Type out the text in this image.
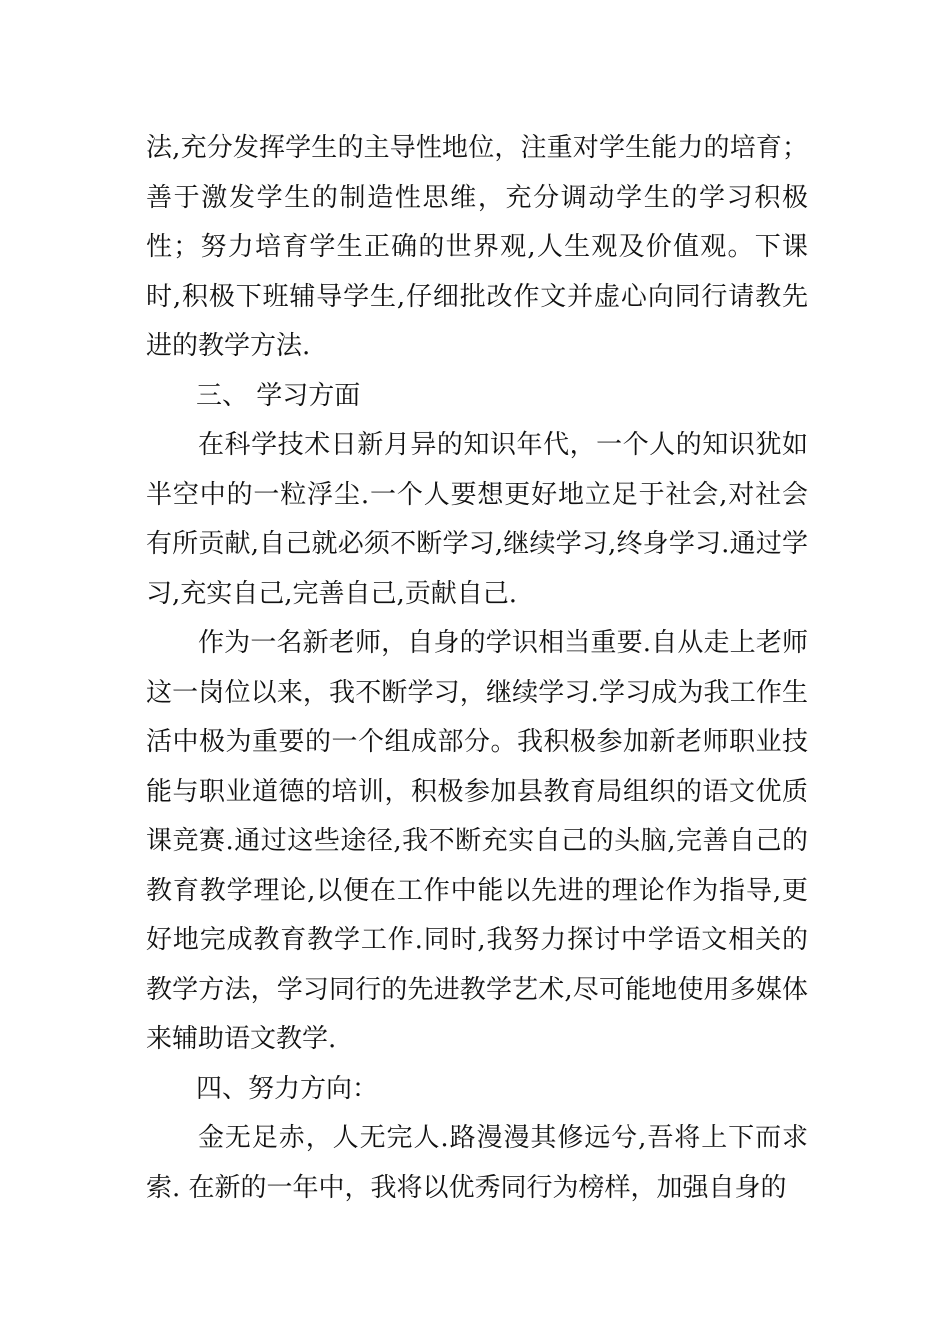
法,充分发挥学生的主导性地位，注重对学生能力的培育；善于激发学生的制造性思维，充分调动学生的学习积极性；努力培育学生正确的世界观,人生观及价值观。下课时,积极下班辅导学生,仔细批改作文并虚心向同行请教先进的教学方法.

三、 学习方面

在科学技术日新月异的知识年代，一个人的知识犹如半空中的一粒浮尘.一个人要想更好地立足于社会,对社会有所贡献,自己就必须不断学习,继续学习,终身学习.通过学习,充实自己,完善自己,贡献自己.

作为一名新老师，自身的学识相当重要.自从走上老师这一岗位以来，我不断学习，继续学习.学习成为我工作生活中极为重要的一个组成部分。我积极参加新老师职业技能与职业道德的培训，积极参加县教育局组织的语文优质课竞赛.通过这些途径,我不断充实自己的头脑,完善自己的教育教学理论,以便在工作中能以先进的理论作为指导,更好地完成教育教学工作.同时,我努力探讨中学语文相关的教学方法，学习同行的先进教学艺术,尽可能地使用多媒体来辅助语文教学.

四、努力方向：

金无足赤，人无完人.路漫漫其修远兮,吾将上下而求索. 在新的一年中，我将以优秀同行为榜样，加强自身的
